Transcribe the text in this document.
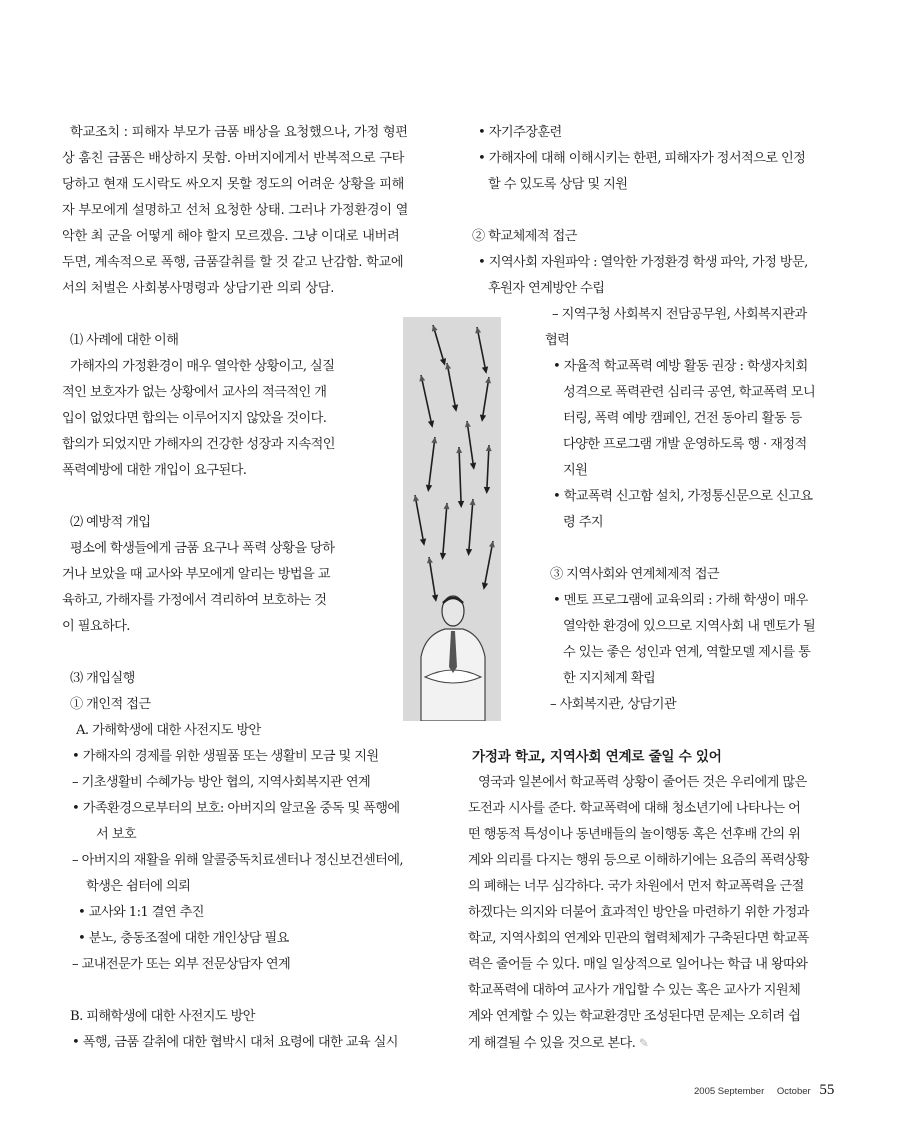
학교조치 : 피해자 부모가 금품 배상을 요청했으나, 가정 형편
상 훔친 금품은 배상하지 못함. 아버지에게서 반복적으로 구타
당하고 현재 도시락도 싸오지 못할 정도의 어려운 상황을 피해
자 부모에게 설명하고 선처 요청한 상태. 그러나 가정환경이 열
악한 최 군을 어떻게 해야 할지 모르겠음. 그냥 이대로 내버려
두면, 계속적으로 폭행, 금품갈취를 할 것 같고 난감함. 학교에
서의 처벌은 사회봉사명령과 상담기관 의뢰 상담.
⑴ 사례에 대한 이해
가해자의 가정환경이 매우 열악한 상황이고, 실질
적인 보호자가 없는 상황에서 교사의 적극적인 개
입이 없었다면 합의는 이루어지지 않았을 것이다.
합의가 되었지만 가해자의 건강한 성장과 지속적인
폭력예방에 대한 개입이 요구된다.
⑵ 예방적 개입
평소에 학생들에게 금품 요구나 폭력 상황을 당하
거나 보았을 때 교사와 부모에게 알리는 방법을 교
육하고, 가해자를 가정에서 격리하여 보호하는 것
이 필요하다.
⑶ 개입실행
① 개인적 접근
A. 가해학생에 대한 사전지도 방안
• 가해자의 경제를 위한 생필품 또는 생활비 모금 및 지원
– 기초생활비 수혜가능 방안 협의, 지역사회복지관 연계
• 가족환경으로부터의 보호: 아버지의 알코올 중독 및 폭행에
서 보호
– 아버지의 재활을 위해 알콜중독치료센터나 정신보건센터에,
학생은 쉼터에 의뢰
• 교사와 1:1 결연 추진
• 분노, 충동조절에 대한 개인상담 필요
– 교내전문가 또는 외부 전문상담자 연계
B. 피해학생에 대한 사전지도 방안
• 폭행, 금품 갈취에 대한 협박시 대처 요령에 대한 교육 실시
• 자기주장훈련
• 가해자에 대해 이해시키는 한편, 피해자가 정서적으로 인정
할 수 있도록 상담 및 지원
② 학교체제적 접근
• 지역사회 자원파악 : 열악한 가정환경 학생 파악, 가정 방문,
후원자 연계방안 수립
– 지역구청 사회복지 전담공무원, 사회복지관과
협력
• 자율적 학교폭력 예방 활동 권장 : 학생자치회
성격으로 폭력관련 심리극 공연, 학교폭력 모니
터링, 폭력 예방 캠페인, 건전 동아리 활동 등
다양한 프로그램 개발 운영하도록 행 · 재정적
지원
• 학교폭력 신고함 설치, 가정통신문으로 신고요
령 주지
③ 지역사회와 연계체제적 접근
• 멘토 프로그램에 교육의뢰 : 가해 학생이 매우
열악한 환경에 있으므로 지역사회 내 멘토가 될
수 있는 좋은 성인과 연계, 역할모델 제시를 통
한 지지체계 확립
– 사회복지관, 상담기관
가정과 학교, 지역사회 연계로 줄일 수 있어
영국과 일본에서 학교폭력 상황이 줄어든 것은 우리에게 많은
도전과 시사를 준다. 학교폭력에 대해 청소년기에 나타나는 어
떤 행동적 특성이나 동년배들의 놀이행동 혹은 선후배 간의 위
계와 의리를 다지는 행위 등으로 이해하기에는 요즘의 폭력상황
의 폐해는 너무 심각하다. 국가 차원에서 먼저 학교폭력을 근절
하겠다는 의지와 더불어 효과적인 방안을 마련하기 위한 가정과
학교, 지역사회의 연계와 민관의 협력체제가 구축된다면 학교폭
력은 줄어들 수 있다. 매일 일상적으로 일어나는 학급 내 왕따와
학교폭력에 대하여 교사가 개입할 수 있는 혹은 교사가 지원체
계와 연계할 수 있는 학교환경만 조성된다면 문제는 오히려 쉽
게 해결될 수 있을 것으로 본다. ✎
2005 September October 55
